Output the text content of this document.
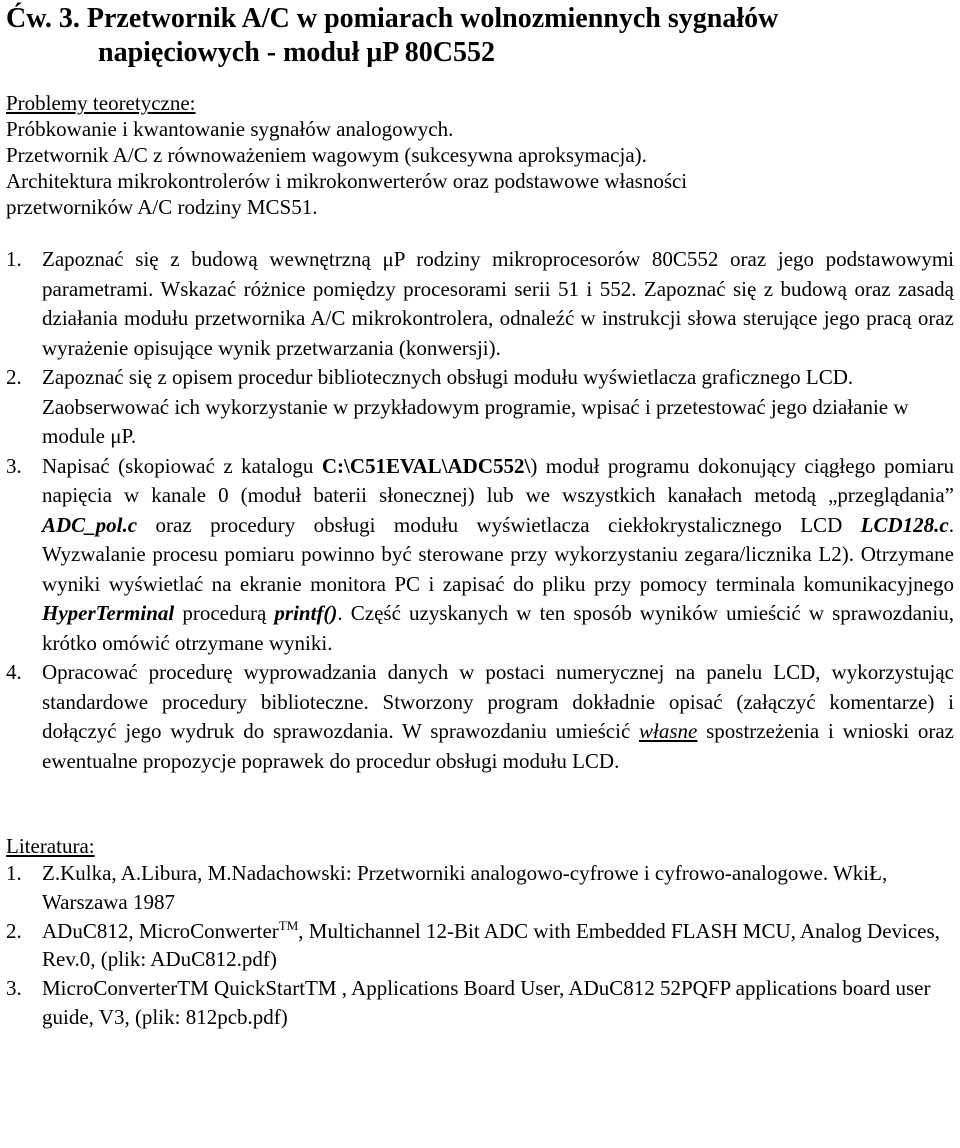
Ćw. 3. Przetwornik A/C w pomiarach wolnozmiennych sygnałów
napięciowych - moduł μP 80C552

Problemy teoretyczne:

Próbkowanie i kwantowanie sygnałów analogowych.

Przetwornik A/C z równoważeniem wagowym (sukcesywna aproksymacja).

Architektura mikrokontrolerów i mikrokonwerterów oraz podstawowe własności

przetworników A/C rodziny MCS51.

1. Zapoznać się z budową wewnętrzną μP rodziny mikroprocesorów 80C552 oraz jego podstawowymi parametrami. Wskazać różnice pomiędzy procesorami serii 51 i 552. Zapoznać się z budową oraz zasadą działania modułu przetwornika A/C mikrokontrolera, odnaleźć w instrukcji słowa sterujące jego pracą oraz wyrażenie opisujące wynik przetwarzania (konwersji).
2. Zapoznać się z opisem procedur bibliotecznych obsługi modułu wyświetlacza graficznego LCD. Zaobserwować ich wykorzystanie w przykładowym programie, wpisać i przetestować jego działanie w module μP.
3. Napisać (skopiować z katalogu C:\C51EVAL\ADC552\) moduł programu dokonujący ciągłego pomiaru napięcia w kanale 0 (moduł baterii słonecznej) lub we wszystkich kanałach metodą „przeglądania” ADC_pol.c oraz procedury obsługi modułu wyświetlacza ciekłokrystalicznego LCD LCD128.c. Wyzwalanie procesu pomiaru powinno być sterowane przy wykorzystaniu zegara/licznika L2). Otrzymane wyniki wyświetlać na ekranie monitora PC i zapisać do pliku przy pomocy terminala komunikacyjnego HyperTerminal procedurą printf(). Część uzyskanych w ten sposób wyników umieścić w sprawozdaniu, krótko omówić otrzymane wyniki.
4. Opracować procedurę wyprowadzania danych w postaci numerycznej na panelu LCD, wykorzystując standardowe procedury biblioteczne. Stworzony program dokładnie opisać (załączyć komentarze) i dołączyć jego wydruk do sprawozdania. W sprawozdaniu umieścić własne spostrzeżenia i wnioski oraz ewentualne propozycje poprawek do procedur obsługi modułu LCD.

Literatura:

1. Z.Kulka, A.Libura, M.Nadachowski: Przetworniki analogowo-cyfrowe i cyfrowo-analogowe. WkiŁ, Warszawa 1987
2. ADuC812, MicroConwerter™, Multichannel 12-Bit ADC with Embedded FLASH MCU, Analog Devices, Rev.0, (plik: ADuC812.pdf)
3. MicroConverterTM QuickStartTM , Applications Board User, ADuC812 52PQFP applications board user guide, V3, (plik: 812pcb.pdf)
